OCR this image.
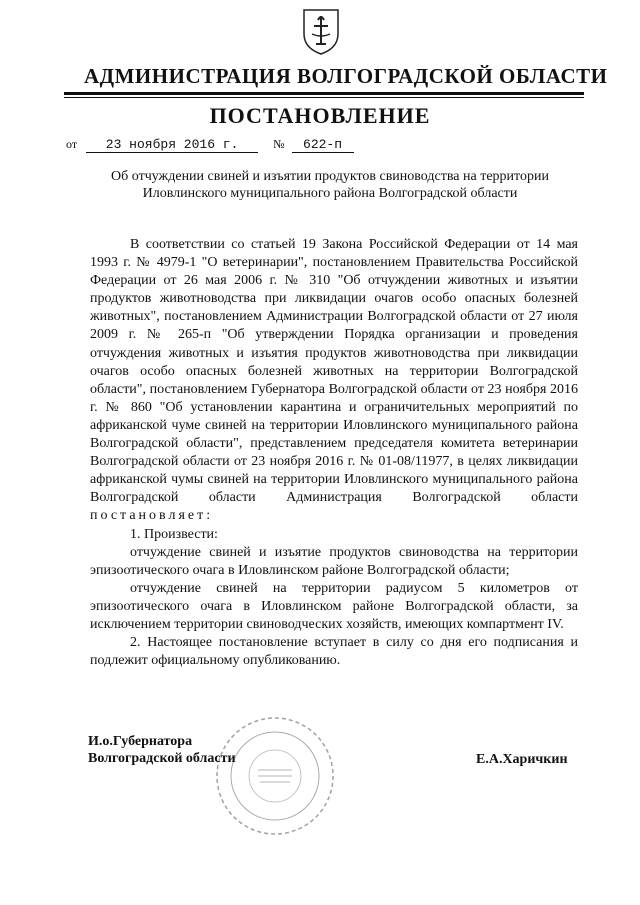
АДМИНИСТРАЦИЯ ВОЛГОГРАДСКОЙ ОБЛАСТИ
ПОСТАНОВЛЕНИЕ
от 23 ноября 2016 г.	№ 622-п
Об отчуждении свиней и изъятии продуктов свиноводства на территории
Иловлинского муниципального района Волгоградской области

В соответствии со статьей 19 Закона Российской Федерации от 14 мая 1993 г. № 4979-1 "О ветеринарии", постановлением Правительства Российской Федерации от 26 мая 2006 г. № 310 "Об отчуждении животных и изъятии продуктов животноводства при ликвидации очагов особо опасных болезней животных", постановлением Администрации Волгоградской области от 27 июля 2009 г. № 265-п "Об утверждении Порядка организации и проведения отчуждения животных и изъятия продуктов животноводства при ликвидации очагов особо опасных болезней животных на территории Волгоградской области", постановлением Губернатора Волгоградской области от 23 ноября 2016 г. № 860 "Об установлении карантина и ограничительных мероприятий по африканской чуме свиней на территории Иловлинского муниципального района Волгоградской области", представлением председателя комитета ветеринарии Волгоградской области от 23 ноября 2016 г. № 01-08/11977, в целях ликвидации африканской чумы свиней на территории Иловлинского муниципального района Волгоградской области Администрация Волгоградской области постановляет:

1. Произвести:

отчуждение свиней и изъятие продуктов свиноводства на территории эпизоотического очага в Иловлинском районе Волгоградской области;

отчуждение свиней на территории радиусом 5 километров от эпизоотического очага в Иловлинском районе Волгоградской области, за исключением территории свиноводческих хозяйств, имеющих компартмент IV.

2. Настоящее постановление вступает в силу со дня его подписания и подлежит официальному опубликованию.

И.о.Губернатора
Волгоградской области	Е.А.Харичкин
